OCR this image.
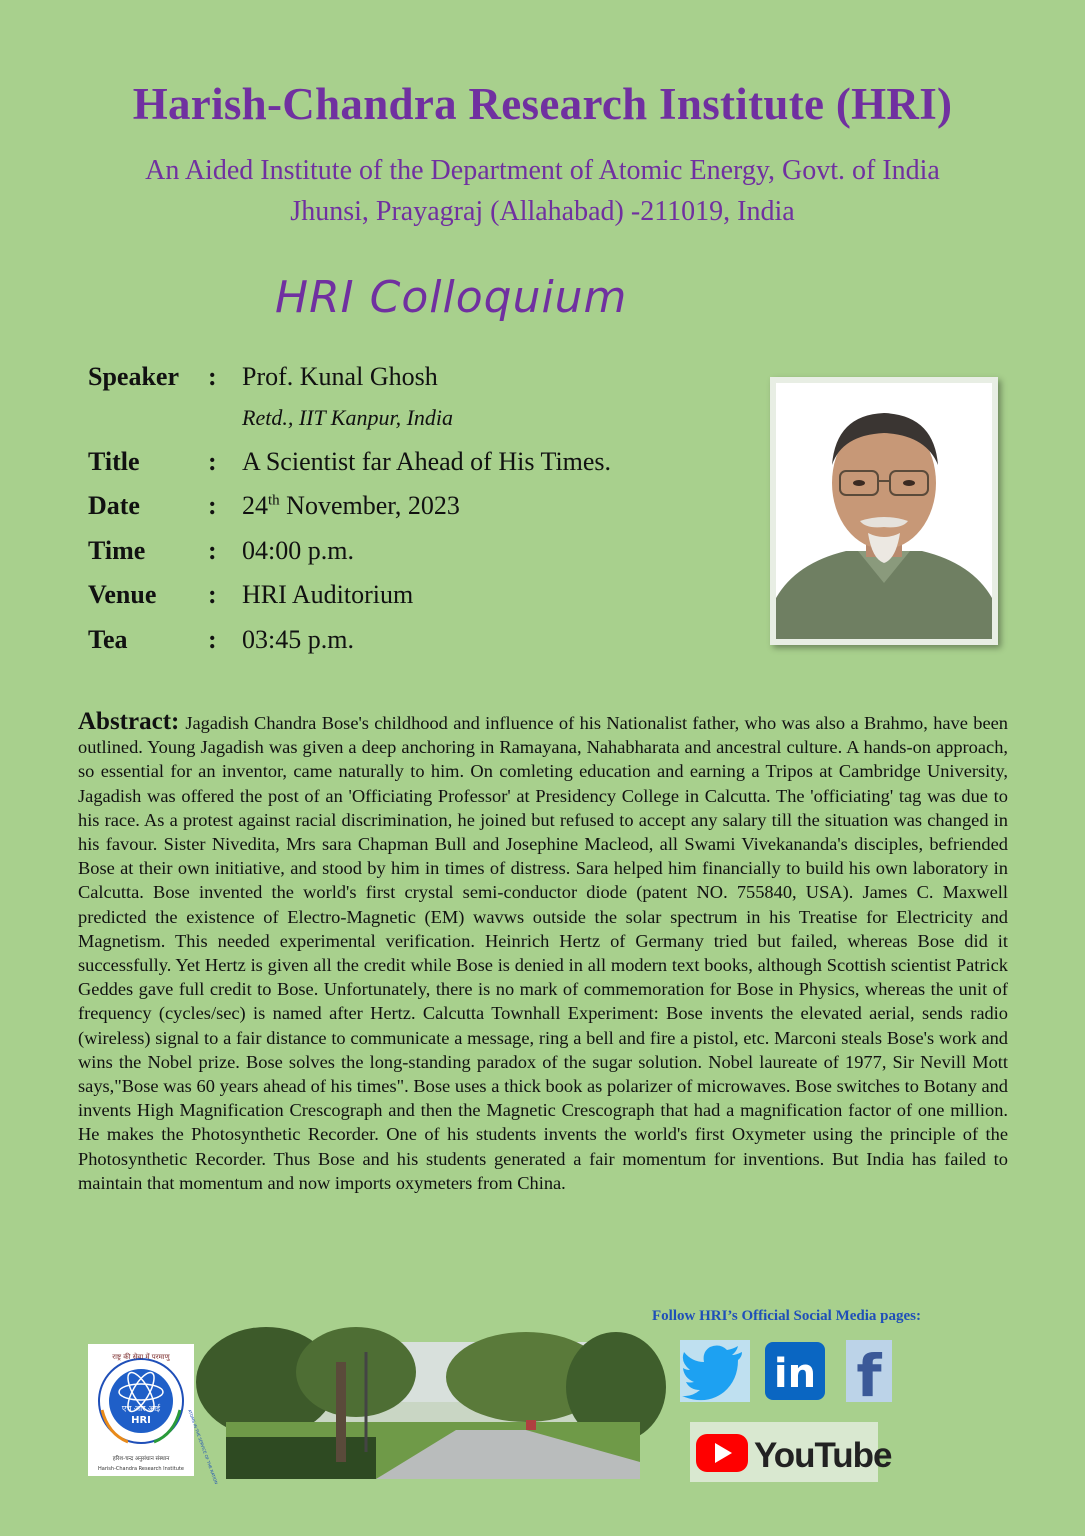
Harish-Chandra Research Institute (HRI)
An Aided Institute of the Department of Atomic Energy, Govt. of India
Jhunsi, Prayagraj (Allahabad) -211019, India
HRI Colloquium
Speaker : Prof. Kunal Ghosh
Retd., IIT Kanpur, India
Title	: A Scientist far Ahead of His Times.
Date	: 24th November, 2023
Time : 04:00 p.m.
Venue : HRI Auditorium
Tea	: 03:45 p.m.
Abstract: Jagadish Chandra Bose's childhood and influence of his Nationalist father, who was also a Brahmo, have been outlined. Young Jagadish was given a deep anchoring in Ramayana, Nahabharata and ancestral culture. A hands-on approach, so essential for an inventor, came naturally to him. On comleting education and earning a Tripos at Cambridge University, Jagadish was offered the post of an 'Officiating Professor' at Presidency College in Calcutta. The 'officiating' tag was due to his race. As a protest against racial discrimination, he joined but refused to accept any salary till the situation was changed in his favour. Sister Nivedita, Mrs sara Chapman Bull and Josephine Macleod, all Swami Vivekananda's disciples, befriended Bose at their own initiative, and stood by him in times of distress. Sara helped him financially to build his own laboratory in Calcutta. Bose invented the world's first crystal semi-conductor diode (patent NO. 755840, USA). James C. Maxwell predicted the existence of Electro-Magnetic (EM) wavws outside the solar spectrum in his Treatise for Electricity and Magnetism. This needed experimental verification. Heinrich Hertz of Germany tried but failed, whereas Bose did it successfully. Yet Hertz is given all the credit while Bose is denied in all modern text books, although Scottish scientist Patrick Geddes gave full credit to Bose. Unfortunately, there is no mark of commemoration for Bose in Physics, whereas the unit of frequency (cycles/sec) is named after Hertz. Calcutta Townhall Experiment: Bose invents the elevated aerial, sends radio (wireless) signal to a fair distance to communicate a message, ring a bell and fire a pistol, etc. Marconi steals Bose's work and wins the Nobel prize. Bose solves the long-standing paradox of the sugar solution. Nobel laureate of 1977, Sir Nevill Mott says,"Bose was 60 years ahead of his times". Bose uses a thick book as polarizer of microwaves. Bose switches to Botany and invents High Magnification Crescograph and then the Magnetic Crescograph that had a magnification factor of one million. He makes the Photosynthetic Recorder. One of his students invents the world's first Oxymeter using the principle of the Photosynthetic Recorder. Thus Bose and his students generated a fair momentum for inventions. But India has failed to maintain that momentum and now imports oxymeters from China.
Follow HRI’s Official Social Media pages:
राष्ट्र की सेवा में परमाणु
एच आर आई
HRI	ATOMS IN THE SERVICE OF THE NATION
हरिश-चन्द्र अनुसंधान संस्थान
Harish-Chandra Research Institute
in f
YouTube
